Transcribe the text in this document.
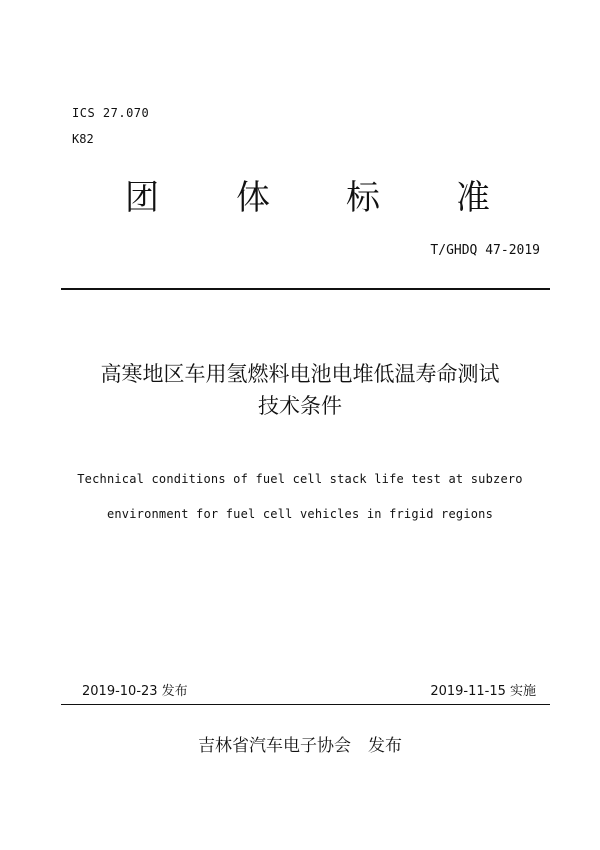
ICS 27.070
K82
团 体 标 准
T/GHDQ 47-2019
高寒地区车用氢燃料电池电堆低温寿命测试
技术条件
Technical conditions of fuel cell stack life test at subzero
environment for fuel cell vehicles in frigid regions
2019-10-23 发布	2019-11-15 实施
吉林省汽车电子协会　发布
